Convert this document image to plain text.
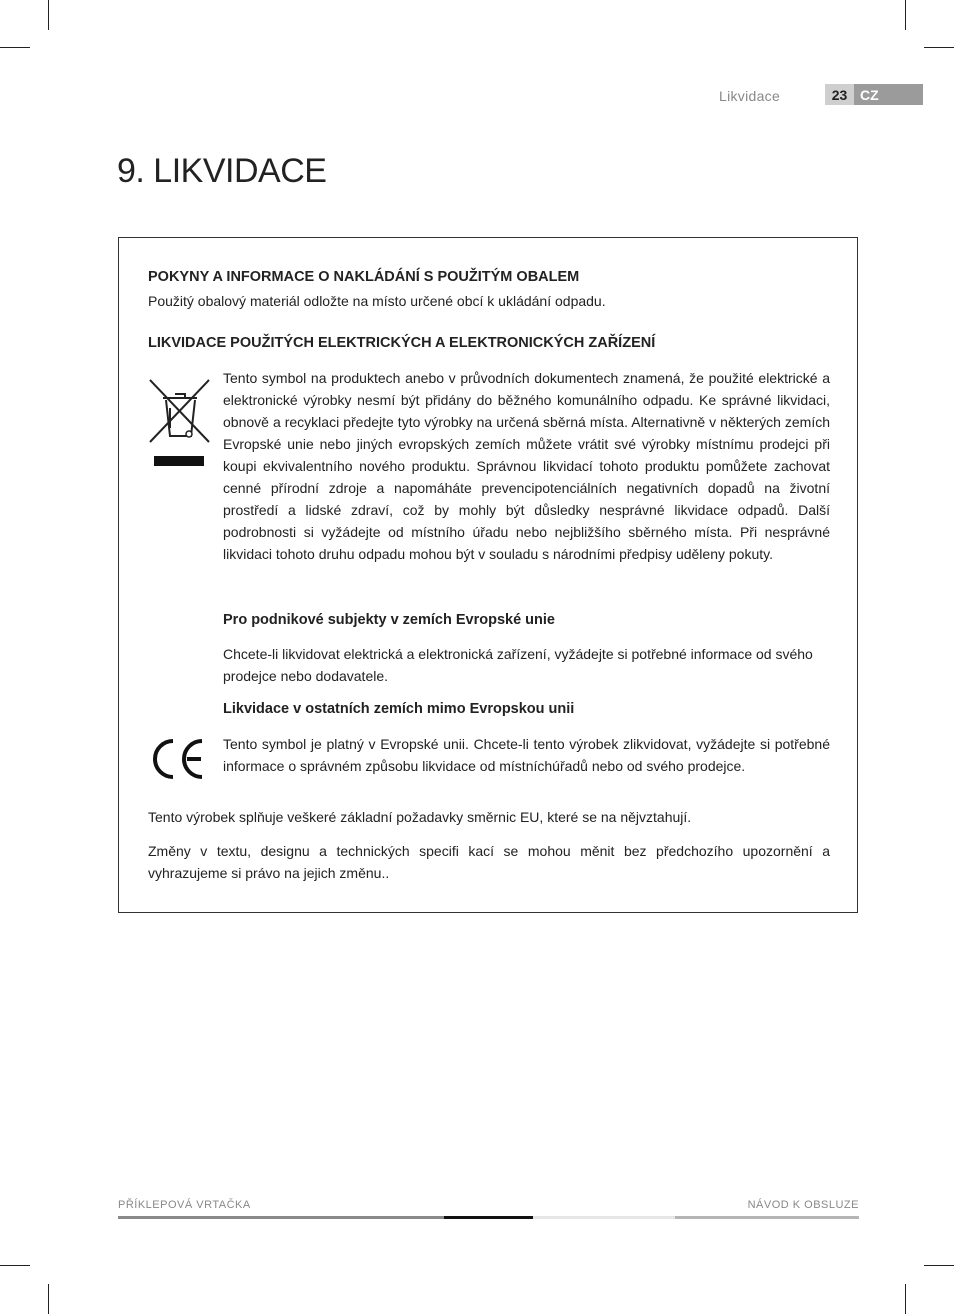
Likvidace	23 CZ
9. LIKVIDACE
POKYNY A INFORMACE O NAKLÁDÁNÍ S POUŽITÝM OBALEM

Použitý obalový materiál odložte na místo určené obcí k ukládání odpadu.

LIKVIDACE POUŽITÝCH ELEKTRICKÝCH A ELEKTRONICKÝCH ZAŘÍZENÍ

Tento symbol na produktech anebo v průvodních dokumentech znamená, že použité elektrické a elektronické výrobky nesmí být přidány do běžného komunálního odpadu. Ke správné likvidaci, obnově a recyklaci předejte tyto výrobky na určená sběrná místa. Alternativně v některých zemích Evropské unie nebo jiných evropských zemích můžete vrátit své výrobky místnímu prodejci při koupi ekvivalentního nového produktu. Správnou likvidací tohoto produktu pomůžete zachovat cenné přírodní zdroje a napomáháte prevencipotenciálních negativních dopadů na životní prostředí a lidské zdraví, což by mohly být důsledky nesprávné likvidace odpadů. Další podrobnosti si vyžádejte od místního úřadu nebo nejbližšího sběrného místa. Při nesprávné likvidaci tohoto druhu odpadu mohou být v souladu s národními předpisy uděleny pokuty.

Pro podnikové subjekty v zemích Evropské unie

Chcete-li likvidovat elektrická a elektronická zařízení, vyžádejte si potřebné informace od svého prodejce nebo dodavatele.

Likvidace v ostatních zemích mimo Evropskou unii

Tento symbol je platný v Evropské unii. Chcete-li tento výrobek zlikvidovat, vyžádejte si potřebné informace o správném způsobu likvidace od místníchúřadů nebo od svého prodejce.

Tento výrobek splňuje veškeré základní požadavky směrnic EU, které se na nějvztahují.

Změny v textu, designu a technických specifi kací se mohou měnit bez předchozího upozornění a vyhrazujeme si právo na jejich změnu..

PŘÍKLEPOVÁ VRTAČKA	NÁVOD K OBSLUZE
